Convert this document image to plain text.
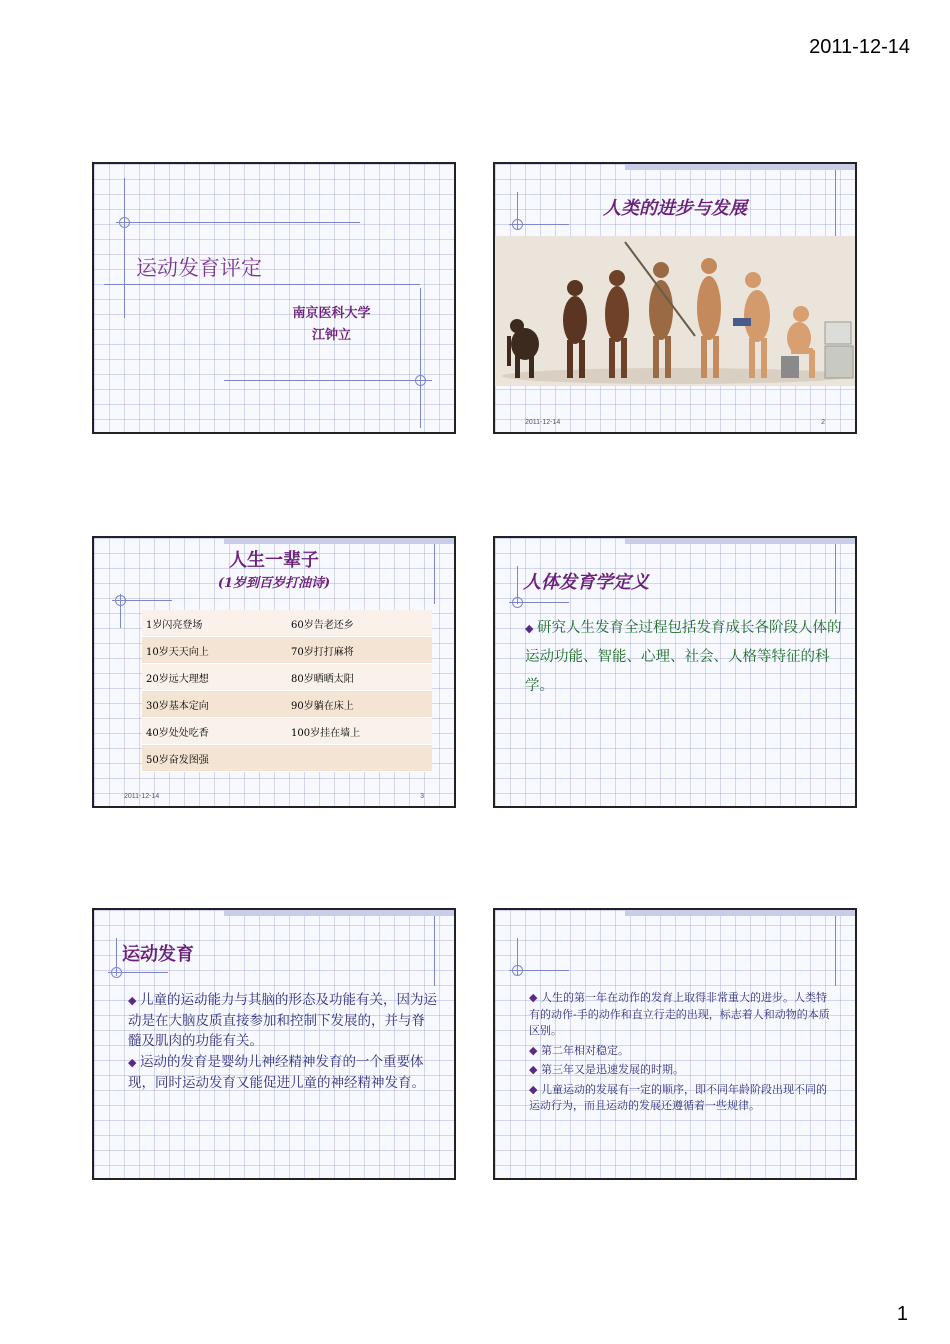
2011-12-14
运动发育评定
南京医科大学
江钟立
人类的进步与发展
2011-12-14	2
人生一辈子
(1岁到百岁打油诗)
1岁闪亮登场	60岁告老还乡
10岁天天向上	70岁打打麻将
20岁远大理想	80岁晒晒太阳
30岁基本定向	90岁躺在床上
40岁处处吃香	100岁挂在墙上
50岁奋发图强	
2011-12-14	3
人体发育学定义
◆研究人生发育全过程包括发育成长各阶段人体的运动功能、智能、心理、社会、人格等特征的科学。
运动发育
◆儿童的运动能力与其脑的形态及功能有关，因为运动是在大脑皮质直接参加和控制下发展的，并与脊髓及肌肉的功能有关。
◆运动的发育是婴幼儿神经精神发育的一个重要体现，同时运动发育又能促进儿童的神经精神发育。
◆人生的第一年在动作的发育上取得非常重大的进步。人类特有的动作-手的动作和直立行走的出现，标志着人和动物的本质区别。
◆第二年相对稳定。
◆第三年又是迅速发展的时期。
◆儿童运动的发展有一定的顺序，即不同年龄阶段出现不同的运动行为，而且运动的发展还遵循着一些规律。
1
